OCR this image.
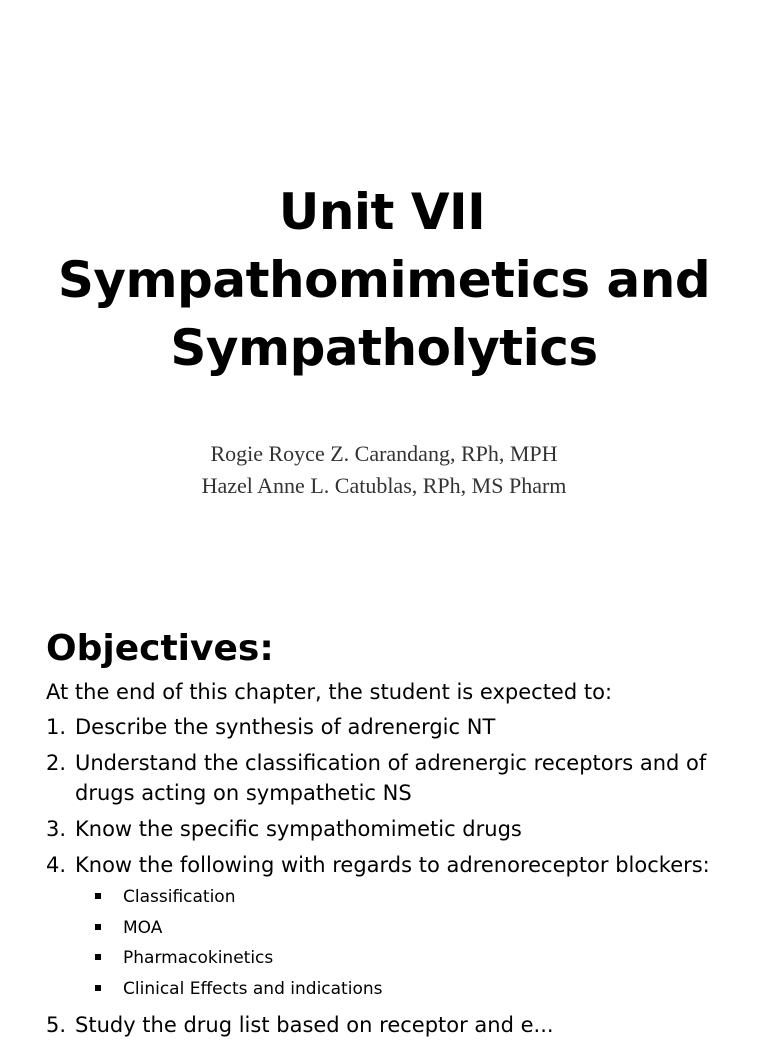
Unit VII
Sympathomimetics and
Sympatholytics
Rogie Royce Z. Carandang, RPh, MPH
Hazel Anne L. Catublas, RPh, MS Pharm
Objectives:
At the end of this chapter, the student is expected to:
1. Describe the synthesis of adrenergic NT
2. Understand the classification of adrenergic receptors and of drugs acting on sympathetic NS
3. Know the specific sympathomimetic drugs
4. Know the following with regards to adrenoreceptor blockers:
Classification
MOA
Pharmacokinetics
Clinical Effects and indications
5. Study the drug list based on receptor and e...
